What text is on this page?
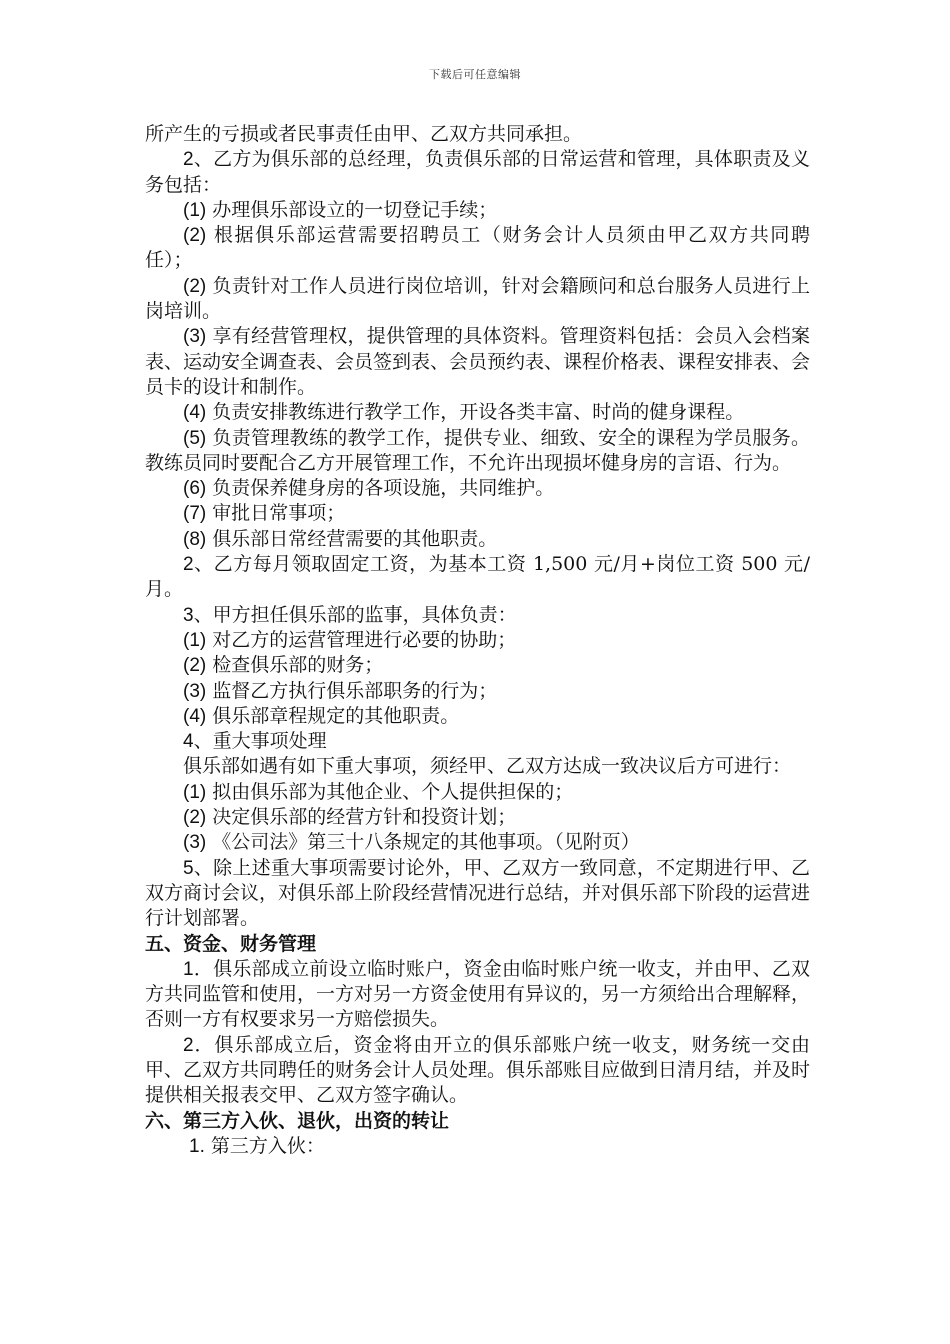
下载后可任意编辑

所产生的亏损或者民事责任由甲、乙双方共同承担。

2、乙方为俱乐部的总经理，负责俱乐部的日常运营和管理，具体职责及义务包括：

(1) 办理俱乐部设立的一切登记手续；

(2) 根据俱乐部运营需要招聘员工（财务会计人员须由甲乙双方共同聘任）；

(2) 负责针对工作人员进行岗位培训，针对会籍顾问和总台服务人员进行上岗培训。

(3) 享有经营管理权，提供管理的具体资料。管理资料包括：会员入会档案表、运动安全调查表、会员签到表、会员预约表、课程价格表、课程安排表、会员卡的设计和制作。

(4) 负责安排教练进行教学工作，开设各类丰富、时尚的健身课程。

(5) 负责管理教练的教学工作，提供专业、细致、安全的课程为学员服务。教练员同时要配合乙方开展管理工作，不允许出现损坏健身房的言语、行为。

(6) 负责保养健身房的各项设施，共同维护。

(7) 审批日常事项；

(8) 俱乐部日常经营需要的其他职责。

2、乙方每月领取固定工资，为基本工资 1,500 元/月+岗位工资 500 元/月。

3、甲方担任俱乐部的监事，具体负责：

(1) 对乙方的运营管理进行必要的协助；

(2) 检查俱乐部的财务；

(3) 监督乙方执行俱乐部职务的行为；

(4) 俱乐部章程规定的其他职责。

4、重大事项处理

俱乐部如遇有如下重大事项，须经甲、乙双方达成一致决议后方可进行：

(1) 拟由俱乐部为其他企业、个人提供担保的；

(2) 决定俱乐部的经营方针和投资计划；

(3) 《公司法》第三十八条规定的其他事项。（见附页）

5、除上述重大事项需要讨论外，甲、乙双方一致同意，不定期进行甲、乙双方商讨会议，对俱乐部上阶段经营情况进行总结，并对俱乐部下阶段的运营进行计划部署。

五、资金、财务管理

1．俱乐部成立前设立临时账户，资金由临时账户统一收支，并由甲、乙双方共同监管和使用，一方对另一方资金使用有异议的，另一方须给出合理解释，否则一方有权要求另一方赔偿损失。

2．俱乐部成立后，资金将由开立的俱乐部账户统一收支，财务统一交由甲、乙双方共同聘任的财务会计人员处理。俱乐部账目应做到日清月结，并及时提供相关报表交甲、乙双方签字确认。

六、第三方入伙、退伙，出资的转让

1. 第三方入伙：
